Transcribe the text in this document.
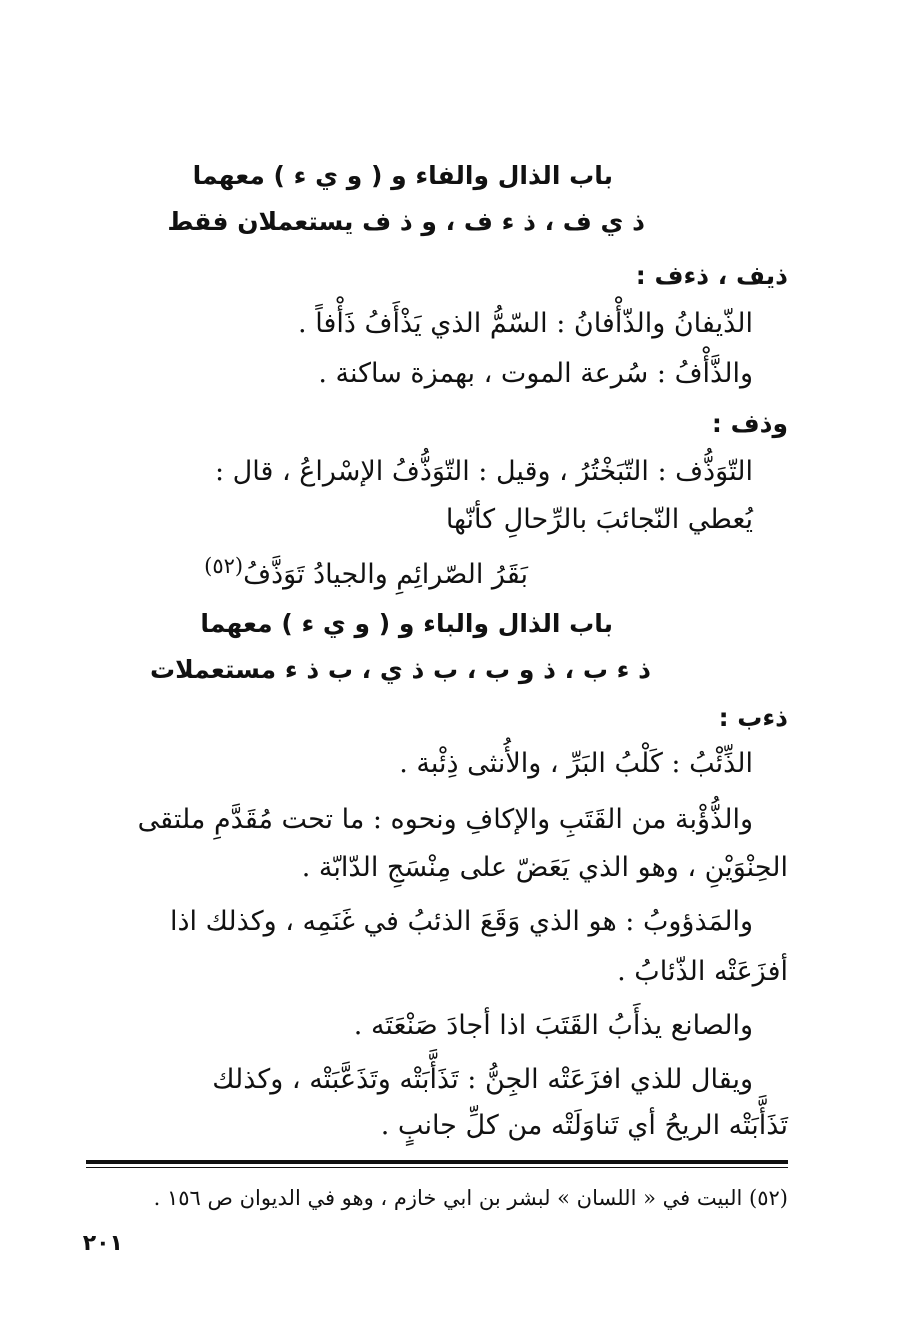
باب الذال والفاء و ( و ي ء ) معهما
ذ ي ف ، ذ ء ف ، و ذ ف يستعملان فقط
ذيف ، ذءف :
الذّيفانُ والذّأْفانُ : السّمُّ الذي يَذْأَفُ ذَأْفاً .
والذَّأْفُ : سُرعة الموت ، بهمزة ساكنة .
وذف :
التّوَذُّف : التّبَخْتُرُ ، وقيل : التّوَذُّفُ الإسْراعُ ، قال :
يُعطي النّجائبَ بالرِّحالِ كأنّها
بَقَرُ الصّرائِمِ والجيادُ تَوَذَّفُ$^{(٥٢)}$
باب الذال والباء و ( و ي ء ) معهما
ذ ء ب ، ذ و ب ، ب ذ ي ، ب ذ ء مستعملات
ذءب :
الذِّئْبُ : كَلْبُ البَرِّ ، والأُنثى ذِئْبة .
والذُّؤْبة من القَتَبِ والإكافِ ونحوه : ما تحت مُقَدَّمِ ملتقى
الحِنْوَيْنِ ، وهو الذي يَعَضّ على مِنْسَجِ الدّابّة .
والمَذؤوبُ : هو الذي وَقَعَ الذئبُ في غَنَمِه ، وكذلك اذا
أفزَعَتْه الذّئابُ .
والصانع يذأَبُ القَتَبَ اذا أجادَ صَنْعَتَه .
ويقال للذي افزَعَتْه الجِنُّ : تَذَأَّبَتْه وتَذَعَّبَتْه ، وكذلك
تَذَأَّبَتْه الريحُ أي تَناوَلَتْه من كلِّ جانبٍ .
(٥٢) البيت في « اللسان » لبشر بن ابي خازم ، وهو في الديوان ص ١٥٦ .
٢٠١
